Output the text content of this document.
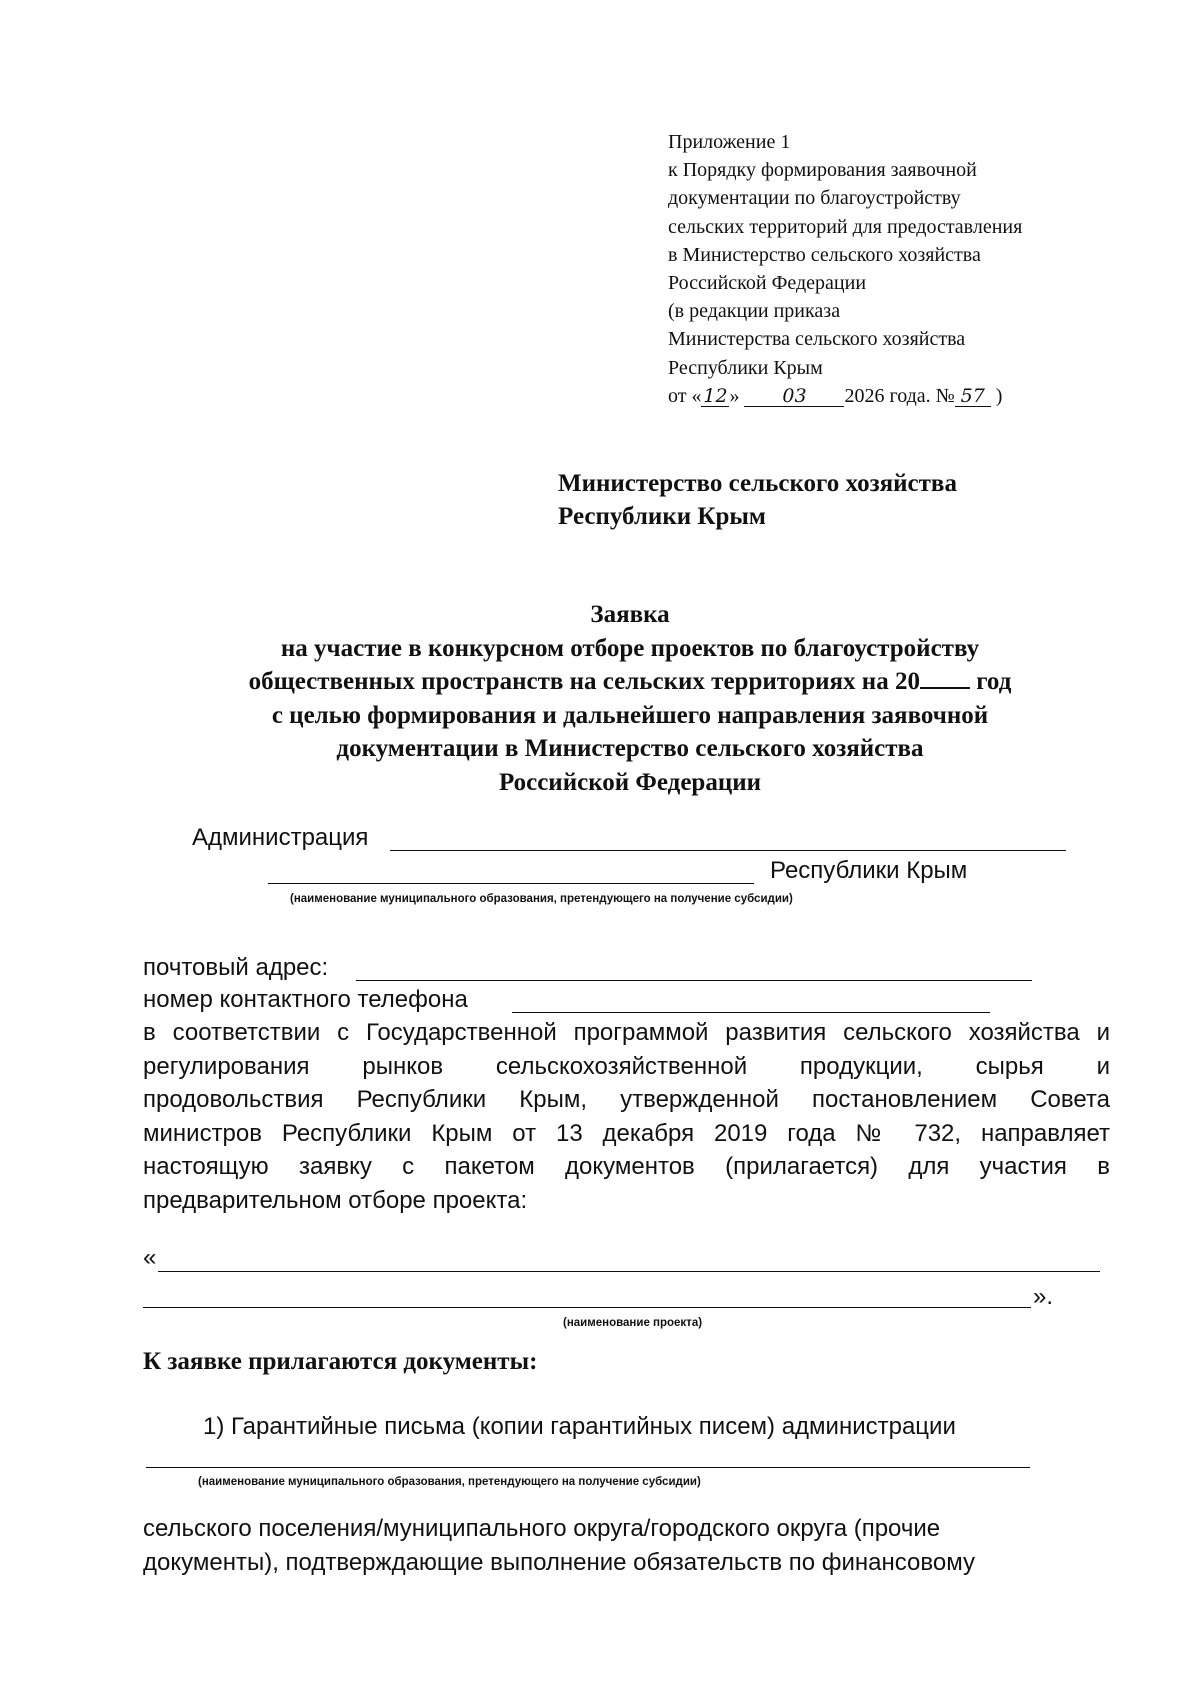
Приложение 1
к Порядку формирования заявочной
документации по благоустройству
сельских территорий для предоставления
в Министерство сельского хозяйства
Российской Федерации
(в редакции приказа
Министерства сельского хозяйства
Республики Крым
от « 12» 03 2026 года. № 57 )
Министерство сельского хозяйства
Республики Крым
Заявка
на участие в конкурсном отборе проектов по благоустройству
общественных пространств на сельских территориях на 20 год
с целью формирования и дальнейшего направления заявочной
документации в Министерство сельского хозяйства
Российской Федерации
Администрация
Республики Крым
(наименование муниципального образования, претендующего на получение субсидии)
почтовый адрес:
номер контактного телефона
в соответствии с Государственной программой развития сельского хозяйства и
регулирования рынков сельскохозяйственной продукции, сырья и
продовольствия Республики Крым, утвержденной постановлением Совета
министров Республики Крым от 13 декабря 2019 года № 732, направляет
настоящую заявку с пакетом документов (прилагается) для участия в
предварительном отборе проекта:
«
».
(наименование проекта)
К заявке прилагаются документы:
1) Гарантийные письма (копии гарантийных писем) администрации
(наименование муниципального образования, претендующего на получение субсидии)
сельского поселения/муниципального округа/городского округа (прочие
документы), подтверждающие выполнение обязательств по финансовому
